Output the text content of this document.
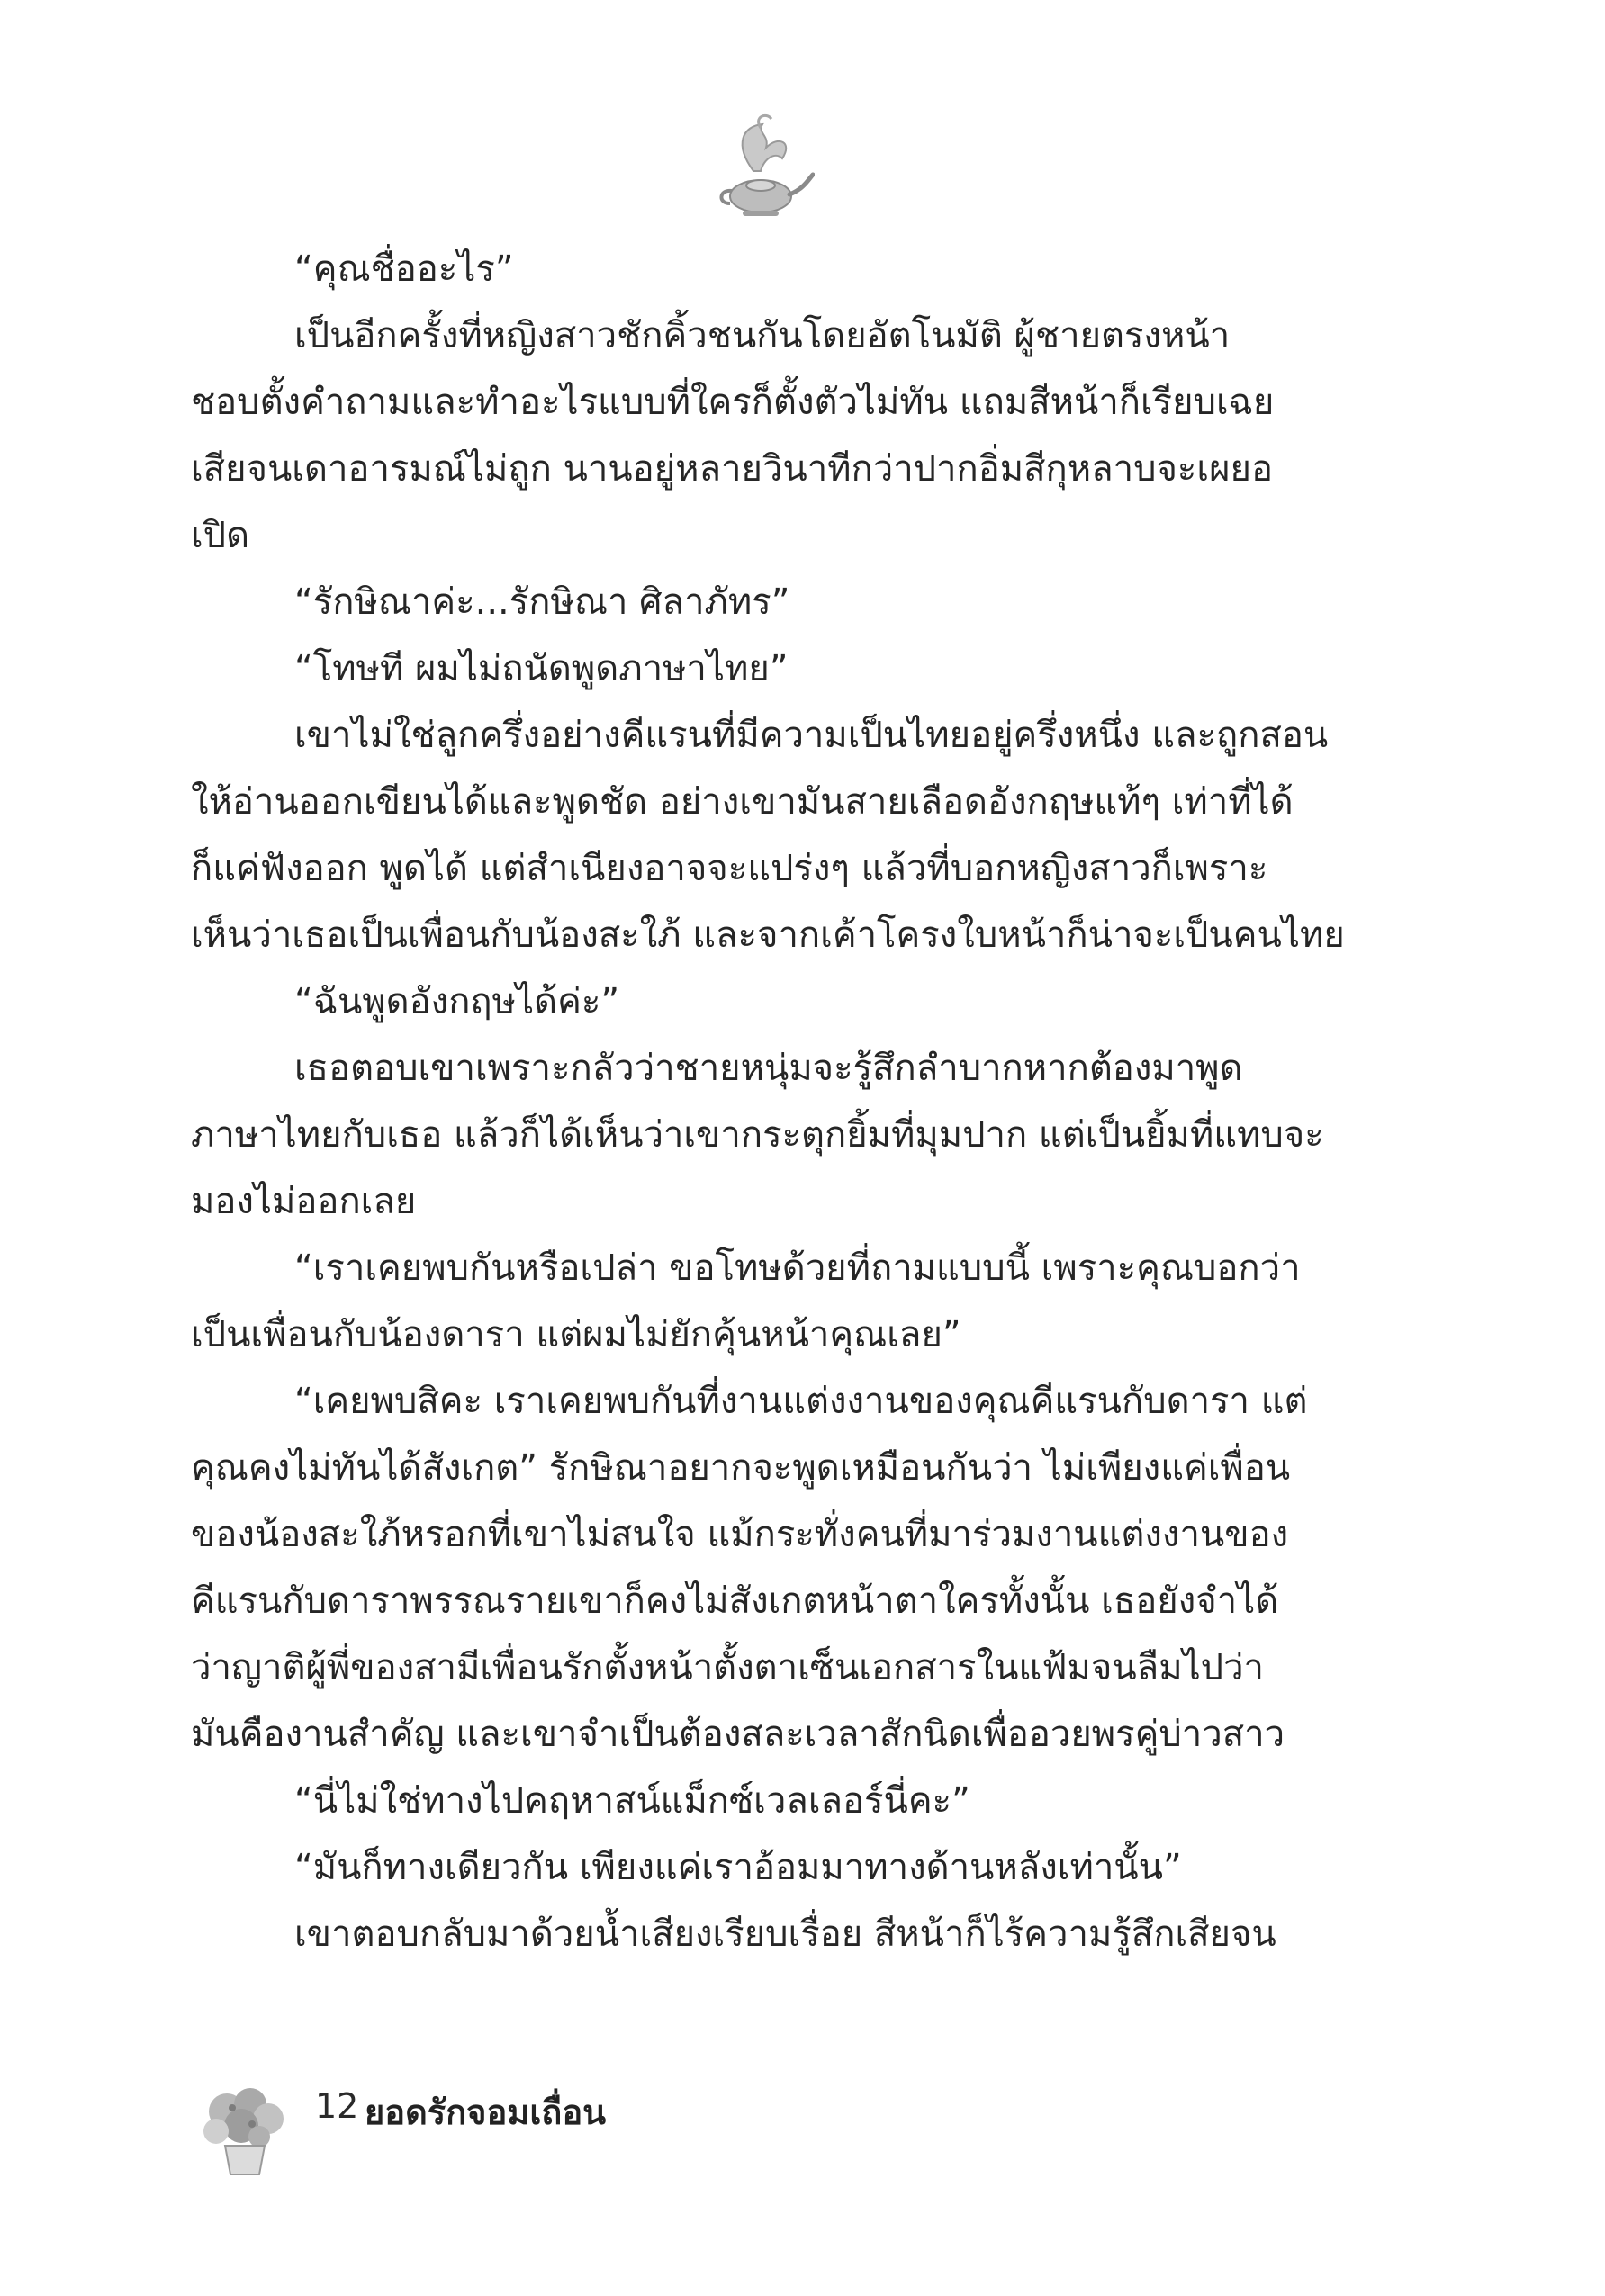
“คุณชื่ออะไร”

เป็นอีกครั้งที่หญิงสาวชักคิ้วชนกันโดยอัตโนมัติ ผู้ชายตรงหน้า

ชอบตั้งคำถามและทำอะไรแบบที่ใครก็ตั้งตัวไม่ทัน แถมสีหน้าก็เรียบเฉย

เสียจนเดาอารมณ์ไม่ถูก นานอยู่หลายวินาทีกว่าปากอิ่มสีกุหลาบจะเผยอ

เปิด

“รักษิณาค่ะ...รักษิณา ศิลาภัทร”

“โทษที ผมไม่ถนัดพูดภาษาไทย”

เขาไม่ใช่ลูกครึ่งอย่างคีแรนที่มีความเป็นไทยอยู่ครึ่งหนึ่ง และถูกสอน

ให้อ่านออกเขียนได้และพูดชัด อย่างเขามันสายเลือดอังกฤษแท้ๆ เท่าที่ได้

ก็แค่ฟังออก พูดได้ แต่สำเนียงอาจจะแปร่งๆ แล้วที่บอกหญิงสาวก็เพราะ

เห็นว่าเธอเป็นเพื่อนกับน้องสะใภ้ และจากเค้าโครงใบหน้าก็น่าจะเป็นคนไทย

“ฉันพูดอังกฤษได้ค่ะ”

เธอตอบเขาเพราะกลัวว่าชายหนุ่มจะรู้สึกลำบากหากต้องมาพูด

ภาษาไทยกับเธอ แล้วก็ได้เห็นว่าเขากระตุกยิ้มที่มุมปาก แต่เป็นยิ้มที่แทบจะ

มองไม่ออกเลย

“เราเคยพบกันหรือเปล่า ขอโทษด้วยที่ถามแบบนี้ เพราะคุณบอกว่า

เป็นเพื่อนกับน้องดารา แต่ผมไม่ยักคุ้นหน้าคุณเลย”

“เคยพบสิคะ เราเคยพบกันที่งานแต่งงานของคุณคีแรนกับดารา แต่

คุณคงไม่ทันได้สังเกต” รักษิณาอยากจะพูดเหมือนกันว่า ไม่เพียงแค่เพื่อน

ของน้องสะใภ้หรอกที่เขาไม่สนใจ แม้กระทั่งคนที่มาร่วมงานแต่งงานของ

คีแรนกับดาราพรรณรายเขาก็คงไม่สังเกตหน้าตาใครทั้งนั้น เธอยังจำได้

ว่าญาติผู้พี่ของสามีเพื่อนรักตั้งหน้าตั้งตาเซ็นเอกสารในแฟ้มจนลืมไปว่า

มันคืองานสำคัญ และเขาจำเป็นต้องสละเวลาสักนิดเพื่ออวยพรคู่บ่าวสาว

“นี่ไม่ใช่ทางไปคฤหาสน์แม็กซ์เวลเลอร์นี่คะ”

“มันก็ทางเดียวกัน เพียงแค่เราอ้อมมาทางด้านหลังเท่านั้น”

เขาตอบกลับมาด้วยน้ำเสียงเรียบเรื่อย สีหน้าก็ไร้ความรู้สึกเสียจน

12 ยอดรักจอมเถื่อน
